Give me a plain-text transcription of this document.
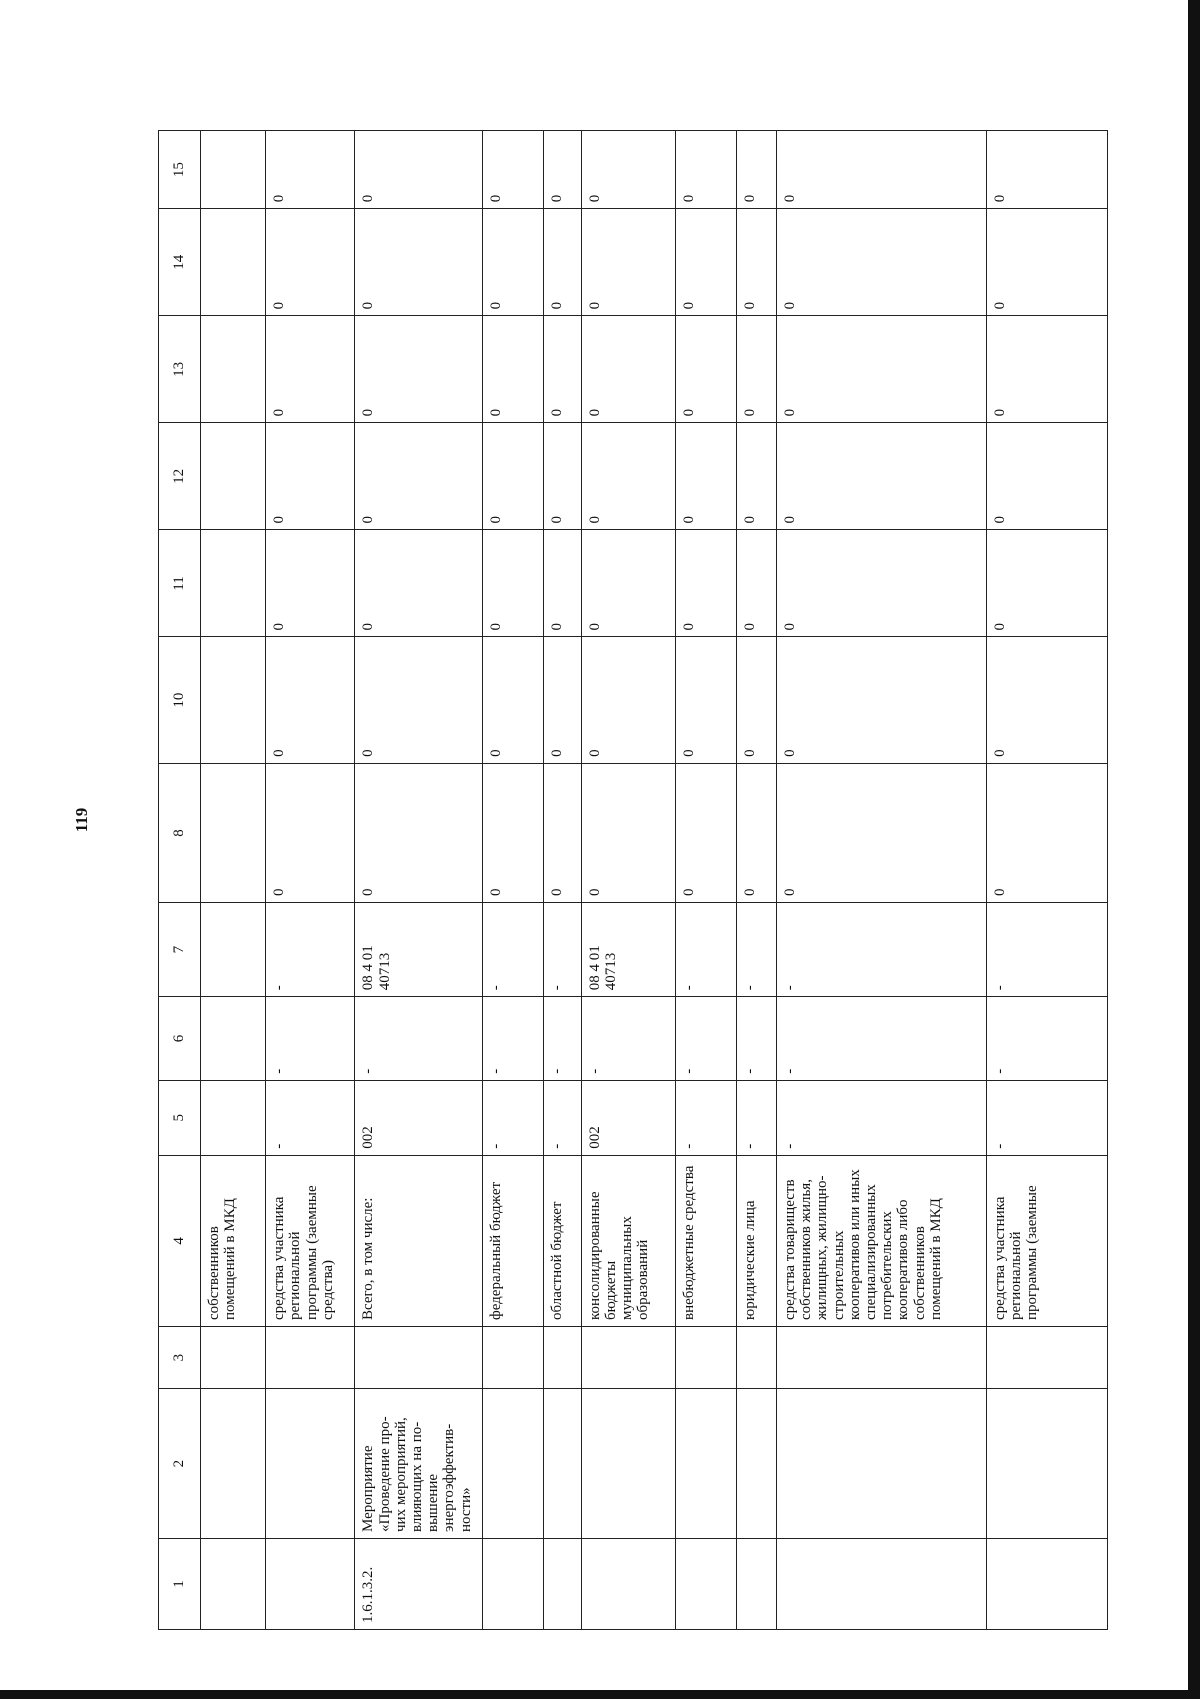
119
1	2	3	4	5	6	7	8	10	11	12	13	14	15

			собственников помещений в МКД										

			средства участника региональной программы (заемные средства)	-	-	-	0	0	0	0	0	0	0

1.6.1.3.2.	Мероприятие «Проведение про-чих мероприятий, влияющих на по-вышение энергоэффектив-ности»		Всего, в том числе:	002	-	08 4 01 40713	0	0	0	0	0	0	0

			федеральный бюджет	-	-	-	0	0	0	0	0	0	0

			областной бюджет	-	-	-	0	0	0	0	0	0	0

			консолидированные бюджеты муниципальных образований	002	-	08 4 01 40713	0	0	0	0	0	0	0

			внебюджетные средства	-	-	-	0	0	0	0	0	0	0

			юридические лица	-	-	-	0	0	0	0	0	0	0

			средства товариществ собственников жилья, жилищных, жилищно-строительных кооперативов или иных специализированных потребительских кооперативов либо собственников помещений в МКД	-	-	-	0	0	0	0	0	0	0

			средства участника региональной программы (заемные	-	-	-	0	0	0	0	0	0	0
